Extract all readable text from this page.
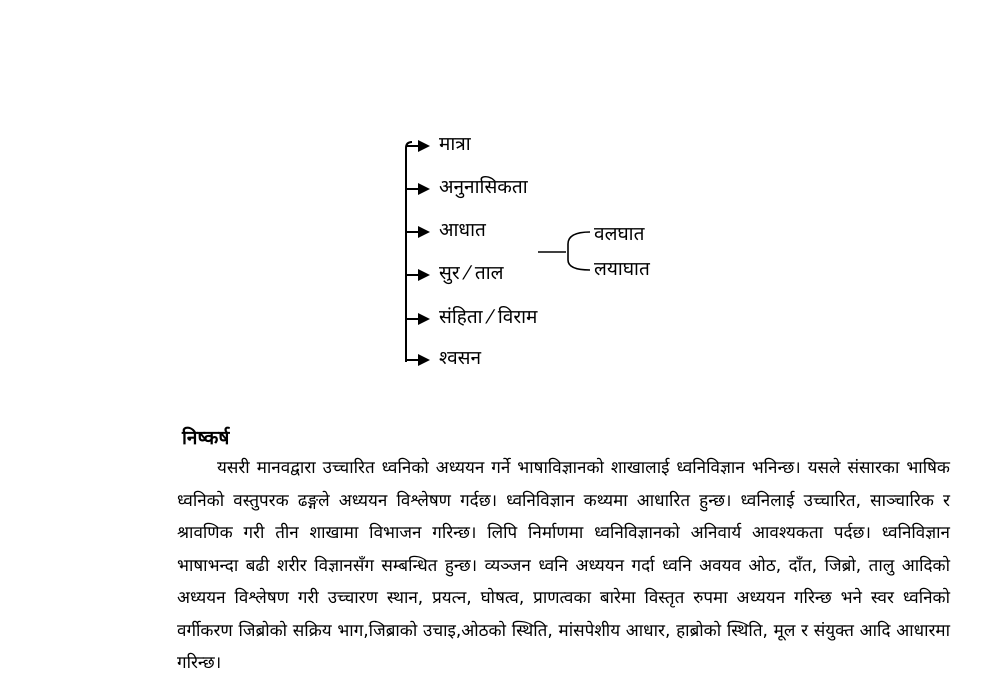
मात्रा
अनुनासिकता
आधात
सुर ⁄ ताल
संहिता ⁄ विराम
श्वसन
वलघात
लयाघात
निष्कर्ष

यसरी मानवद्वारा उच्चारित ध्वनिको अध्ययन गर्ने भाषाविज्ञानको शाखालाई ध्वनिविज्ञान भनिन्छ। यसले संसारका भाषिक ध्वनिको वस्तुपरक ढङ्गले अध्ययन विश्लेषण गर्दछ। ध्वनिविज्ञान कथ्यमा आधारित हुन्छ। ध्वनिलाई उच्चारित, साञ्चारिक र श्रावणिक गरी तीन शाखामा विभाजन गरिन्छ। लिपि निर्माणमा ध्वनिविज्ञानको अनिवार्य आवश्यकता पर्दछ। ध्वनिविज्ञान भाषाभन्दा बढी शरीर विज्ञानसँग सम्बन्धित हुन्छ। व्यञ्जन ध्वनि अध्ययन गर्दा ध्वनि अवयव ओठ, दाँत, जिब्रो, तालु आदिको अध्ययन विश्लेषण गरी उच्चारण स्थान, प्रयत्न, घोषत्व, प्राणत्वका बारेमा विस्तृत रुपमा अध्ययन गरिन्छ भने स्वर ध्वनिको वर्गीकरण जिब्रोको सक्रिय भाग,जिब्राको उचाइ,ओठको स्थिति, मांसपेशीय आधार, हाब्रोको स्थिति, मूल र संयुक्त आदि आधारमा गरिन्छ।
